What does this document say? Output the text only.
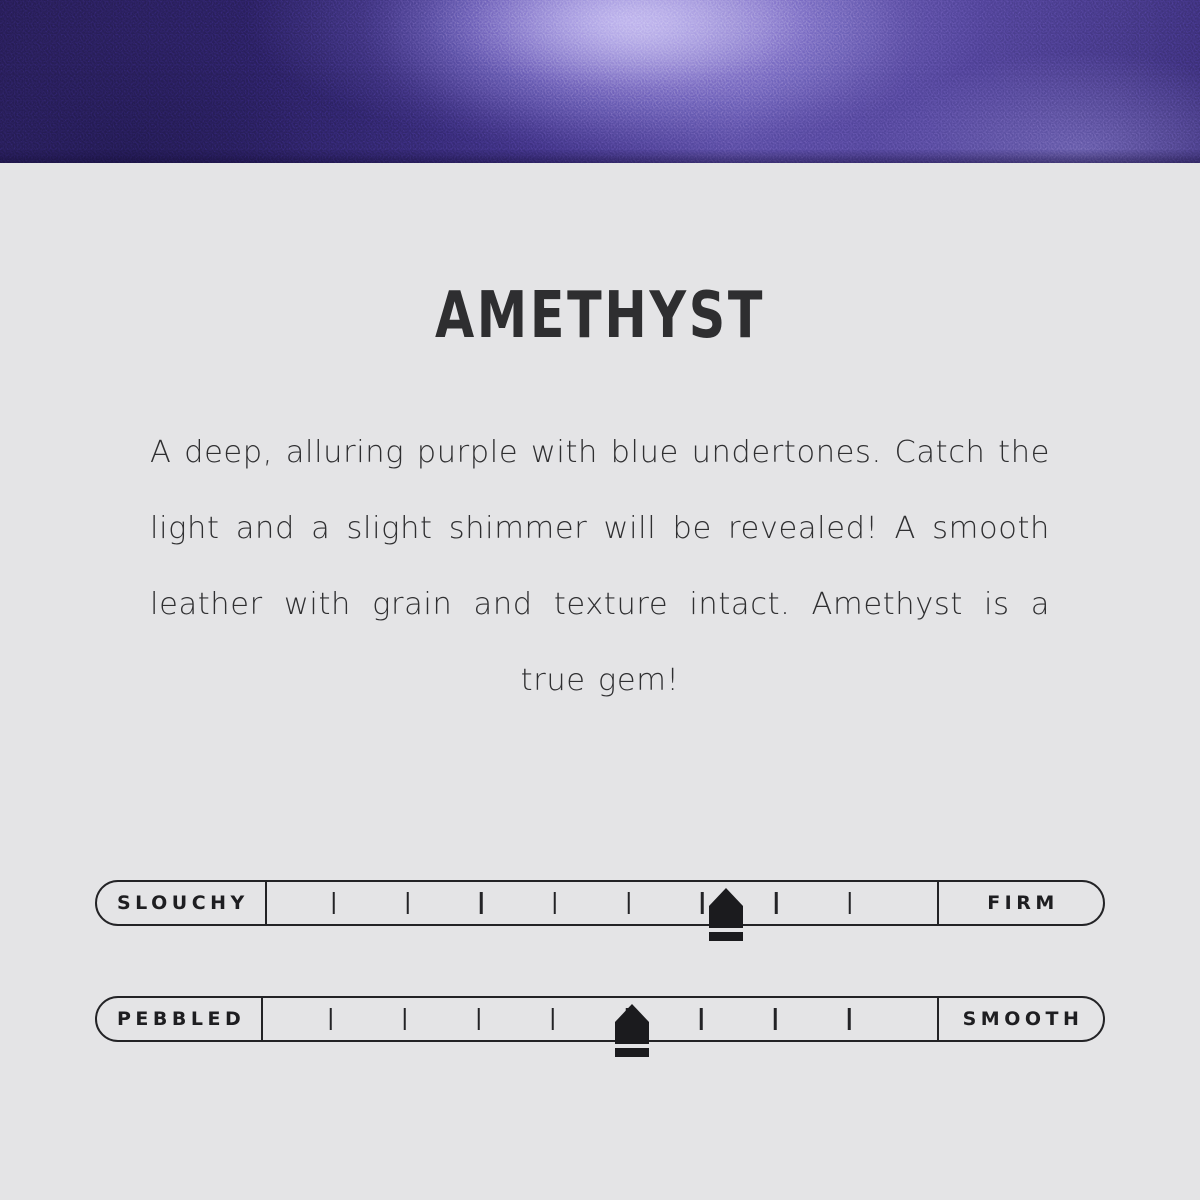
AMETHYST

A deep, alluring purple with blue undertones. Catch the light and a slight shimmer will be revealed! A smooth leather with grain and texture intact. Amethyst is a true gem!

SLOUCHY	FIRM
PEBBLED	SMOOTH
